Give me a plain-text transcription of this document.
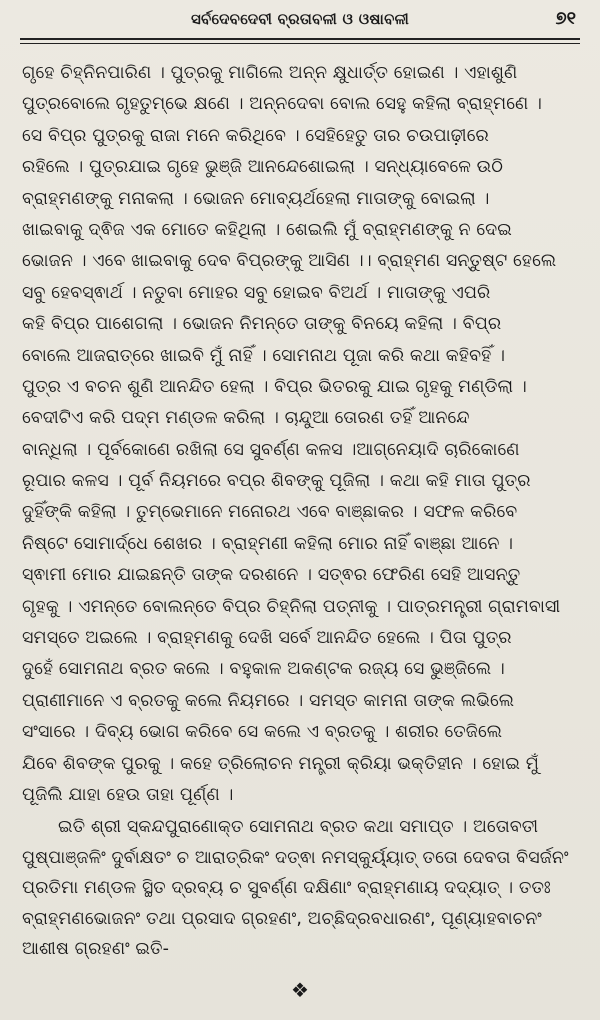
ସର୍ବଦେବଦେବୀ ବ୍ରତାବଳୀ ଓ ଓଷାବଳୀ	୭୧
ଗୃହେ ଚିହ୍ନିନପାରିଣ । ପୁତ୍ରକୁ ମାଗିଲେ ଅନ୍ନ କ୍ଷୁଧାର୍ତ୍ତ ହୋଇଣ । ଏହାଶୁଣି
ପୁତ୍ରବୋଲେ ଗୃହତୁମ୍ଭେ କ୍ଷଣେ । ଅନ୍ନଦେବା ବୋଲ ସେହୁ କହିଲା ବ୍ରାହ୍ମଣେ ।
ସେ ବିପ୍ର ପୁତ୍ରକୁ ରାଜା ମନେ କରିଥିବେ । ସେହିହେତୁ ତାର ଚଉପାଢ଼ୀରେ
ରହିଲେ । ପୁତ୍ରଯାଇ ଗୃହେ ଭୁଞ୍ଜି ଆନନ୍ଦେଶୋଇଲା । ସନ୍ଧ୍ୟାବେଳେ ଉଠି
ବ୍ରାହ୍ମଣଙ୍କୁ ମନାକଲା । ଭୋଜନ ମୋବ୍ୟର୍ଥହେଲା ମାତାଙ୍କୁ ବୋଇଲା ।
ଖାଇବାକୁ ଦ୍ଵିଜ ଏକ ମୋତେ କହିଥିଲା । ଶେଇଲି ମୁଁ ବ୍ରାହ୍ମଣଙ୍କୁ ନ ଦେଇ
ଭୋଜନ । ଏବେ ଖାଇବାକୁ ଦେବ ବିପ୍ରଙ୍କୁ ଆସିଣ ।। ବ୍ରାହ୍ମଣ ସନ୍ତୁଷ୍ଟ ହେଲେ
ସବୁ ହେବସ୍ଵାର୍ଥ । ନତୁବା ମୋହର ସବୁ ହୋଇବ ବିଅର୍ଥ । ମାତାଙ୍କୁ ଏପରି
କହି ବିପ୍ର ପାଶେଗଲା । ଭୋଜନ ନିମନ୍ତେ ତାଙ୍କୁ ବିନୟେ କହିଲା । ବିପ୍ର
ବୋଲେ ଆଜରାତ୍ରେ ଖାଇବି ମୁଁ ନାହିଁ । ସୋମନାଥ ପୂଜା କରି କଥା କହିବହିଁ ।
ପୁତ୍ର ଏ ବଚନ ଶୁଣି ଆନନ୍ଦିତ ହେଲା । ବିପ୍ର ଭିତରକୁ ଯାଇ ଗୃହକୁ ମଣ୍ଡିଲା ।
ବେଦୀଟିଏ କରି ପଦ୍ମ ମଣ୍ଡଳ କରିଲା । ଚାନ୍ଦୁଆ ତୋରଣ ତହିଁ ଆନନ୍ଦେ
ବାନ୍ଧିଲା । ପୂର୍ବକୋଣେ ରଖିଲା ସେ ସୁବର୍ଣ୍ଣ କଳସ ।ଆଗ୍ନେୟାଦି ଚାରିକୋଣେ
ରୂପାର କଳସ । ପୂର୍ବ ନିୟମରେ ବପ୍ର ଶିବଙ୍କୁ ପୂଜିଲା । କଥା କହି ମାତା ପୁତ୍ର
ଦୁହିଁଙ୍କି କହିଲା । ତୁମ୍ଭେମାନେ ମନୋରଥ ଏବେ ବାଞ୍ଛାକର । ସଫଳ କରିବେ
ନିଷ୍ଟେ ସୋମାର୍ଦ୍ଧେ ଶେଖର । ବ୍ରାହ୍ମଣୀ କହିଲା ମୋର ନାହିଁ ବାଞ୍ଛା ଆନେ ।
ସ୍ଵାମୀ ମୋର ଯାଇଛନ୍ତି ତାଙ୍କ ଦରଶନେ । ସତ୍ଵର ଫେରିଣ ସେହି ଆସନ୍ତୁ
ଗୃହକୁ । ଏମନ୍ତେ ବୋଲନ୍ତେ ବିପ୍ର ଚିହ୍ନିଲା ପତ୍ନୀକୁ । ପାତ୍ରମନ୍ତ୍ରୀ ଗ୍ରାମବାସୀ
ସମସ୍ତେ ଅଇଲେ । ବ୍ରାହ୍ମଣକୁ ଦେଖି ସର୍ବେ ଆନନ୍ଦିତ ହେଲେ । ପିତା ପୁତ୍ର
ଦୁହେଁ ସୋମନାଥ ବ୍ରତ କଲେ । ବହୁକାଳ ଅକଣ୍ଟକ ରଜ୍ୟ ସେ ଭୁଞ୍ଜିଲେ ।
ପ୍ରାଣୀମାନେ ଏ ବ୍ରତକୁ କଲେ ନିୟମରେ । ସମସ୍ତ କାମନା ତାଙ୍କ ଲଭିଲେ
ସଂସାରେ । ଦିବ୍ୟ ଭୋଗ କରିବେ ସେ କଲେ ଏ ବ୍ରତକୁ । ଶରୀର ତେଜିଲେ
ଯିବେ ଶିବଙ୍କ ପୁରକୁ । କହେ ତ୍ରିଲୋଚନ ମନ୍ତ୍ରୀ କ୍ରିୟା ଭକ୍ତିହୀନ । ହୋଇ ମୁଁ
ପୂଜିଲି ଯାହା ହେଉ ତାହା ପୂର୍ଣ୍ଣ ।
ଇତି ଶ୍ରୀ ସ୍କନ୍ଦପୁରାଣୋକ୍ତ ସୋମନାଥ ବ୍ରତ କଥା ସମାପ୍ତ । ଅତୋବତୀ
ପୁଷ୍ପାଞ୍ଜଳିଂ ଦୁର୍ବାକ୍ଷତଂ ଚ ଆରାତ୍ରିକଂ ଦତ୍ଵା ନମସ୍କୁର୍ୟ୍ୟାତ୍ ତତୋ ଦେବତା ବିସର୍ଜନଂ
ପ୍ରତିମା ମଣ୍ଡଳ ସ୍ଥିତ ଦ୍ରବ୍ୟ ଚ ସୁବର୍ଣ୍ଣ ଦକ୍ଷିଣାଂ ବ୍ରାହ୍ମଣାୟ ଦଦ୍ୟାତ୍ । ତତଃ
ବ୍ରାହ୍ମଣଭୋଜନଂ ତଥା ପ୍ରସାଦ ଗ୍ରହଣଂ, ଅଚ୍ଛିଦ୍ରବଧାରଣଂ, ପୂଣ୍ୟାହବାଚନଂ
ଆଶୀଷ ଗ୍ରହଣଂ ଇତି-
❖
